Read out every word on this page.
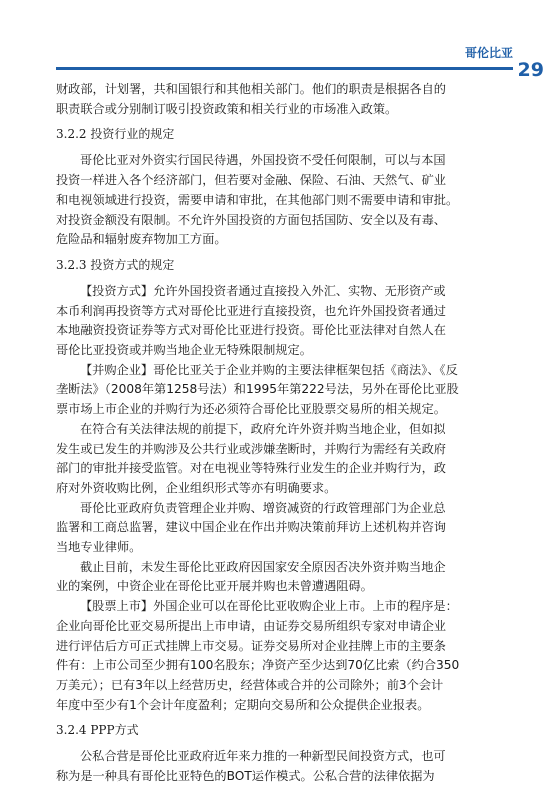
哥伦比亚
29
财政部，计划署，共和国银行和其他相关部门。他们的职责是根据各自的
职责联合或分别制订吸引投资政策和相关行业的市场准入政策。
3.2.2 投资行业的规定
哥伦比亚对外资实行国民待遇，外国投资不受任何限制，可以与本国
投资一样进入各个经济部门，但若要对金融、保险、石油、天然气、矿业
和电视领域进行投资，需要申请和审批，在其他部门则不需要申请和审批。
对投资金额没有限制。不允许外国投资的方面包括国防、安全以及有毒、
危险品和辐射废弃物加工方面。
3.2.3 投资方式的规定
【投资方式】允许外国投资者通过直接投入外汇、实物、无形资产或
本币利润再投资等方式对哥伦比亚进行直接投资，也允许外国投资者通过
本地融资投资证券等方式对哥伦比亚进行投资。哥伦比亚法律对自然人在
哥伦比亚投资或并购当地企业无特殊限制规定。
【并购企业】哥伦比亚关于企业并购的主要法律框架包括《商法》、《反
垄断法》（2008年第1258号法）和1995年第222号法，另外在哥伦比亚股
票市场上市企业的并购行为还必须符合哥伦比亚股票交易所的相关规定。
在符合有关法律法规的前提下，政府允许外资并购当地企业，但如拟
发生或已发生的并购涉及公共行业或涉嫌垄断时，并购行为需经有关政府
部门的审批并接受监管。对在电视业等特殊行业发生的企业并购行为，政
府对外资收购比例，企业组织形式等亦有明确要求。
哥伦比亚政府负责管理企业并购、增资减资的行政管理部门为企业总
监署和工商总监署，建议中国企业在作出并购决策前拜访上述机构并咨询
当地专业律师。
截止目前，未发生哥伦比亚政府因国家安全原因否决外资并购当地企
业的案例，中资企业在哥伦比亚开展并购也未曾遭遇阻碍。
【股票上市】外国企业可以在哥伦比亚收购企业上市。上市的程序是：
企业向哥伦比亚交易所提出上市申请，由证券交易所组织专家对申请企业
进行评估后方可正式挂牌上市交易。证券交易所对企业挂牌上市的主要条
件有：上市公司至少拥有100名股东；净资产至少达到70亿比索（约合350
万美元）；已有3年以上经营历史，经营体或合并的公司除外；前3个会计
年度中至少有1个会计年度盈利；定期向交易所和公众提供企业报表。
3.2.4 PPP方式
公私合营是哥伦比亚政府近年来力推的一种新型民间投资方式，也可
称为是一种具有哥伦比亚特色的BOT运作模式。公私合营的法律依据为
